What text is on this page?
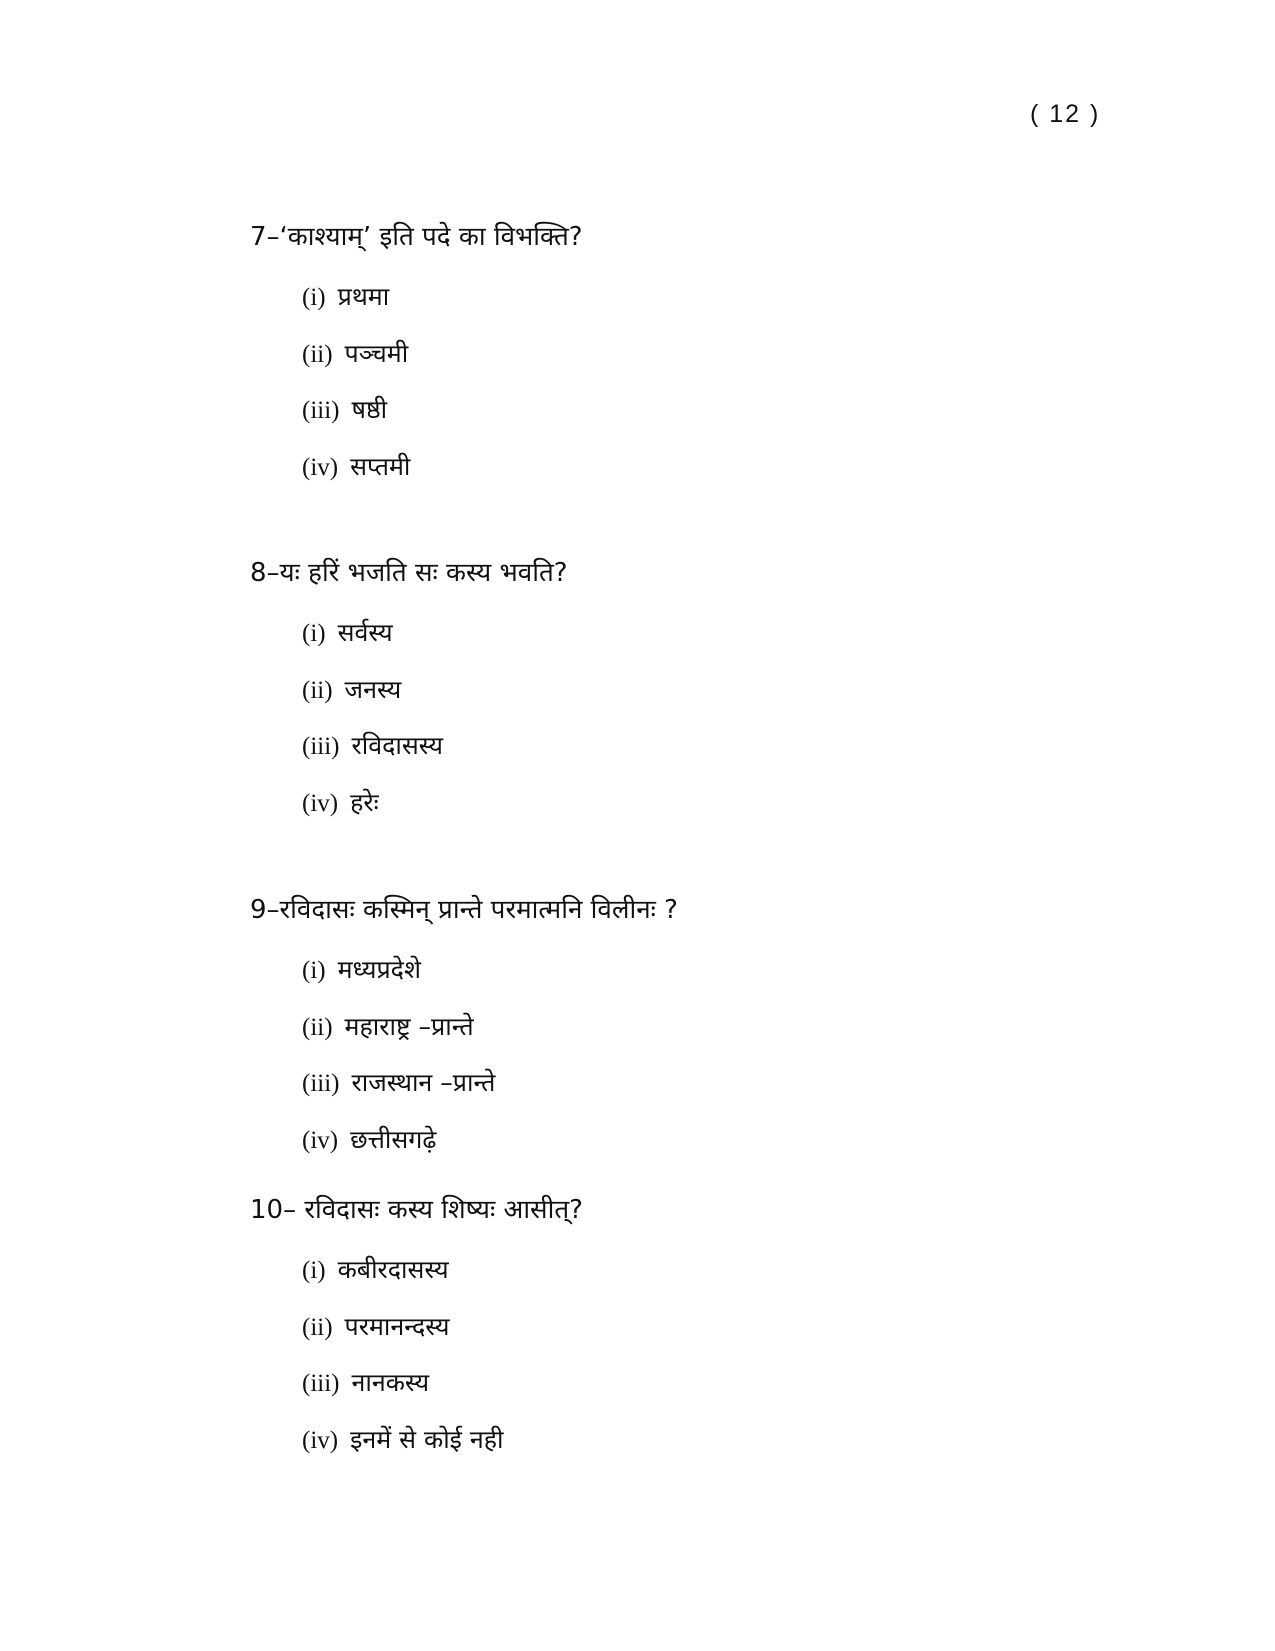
( 12 )
7–‘काश्याम्’ इति पदे का विभक्ति?
(i) प्रथमा
(ii) पञ्चमी
(iii) षष्ठी
(iv) सप्तमी
8–यः हरिं भजति सः कस्य भवति?
(i) सर्वस्य
(ii) जनस्य
(iii) रविदासस्य
(iv) हरेः
9–रविदासः कस्मिन् प्रान्ते परमात्मनि विलीनः ?
(i) मध्यप्रदेशे
(ii) महाराष्ट्र –प्रान्ते
(iii) राजस्थान –प्रान्ते
(iv) छत्तीसगढ़े
10– रविदासः कस्य शिष्यः आसीत्?
(i) कबीरदासस्य
(ii) परमानन्दस्य
(iii) नानकस्य
(iv) इनमें से कोई नही
